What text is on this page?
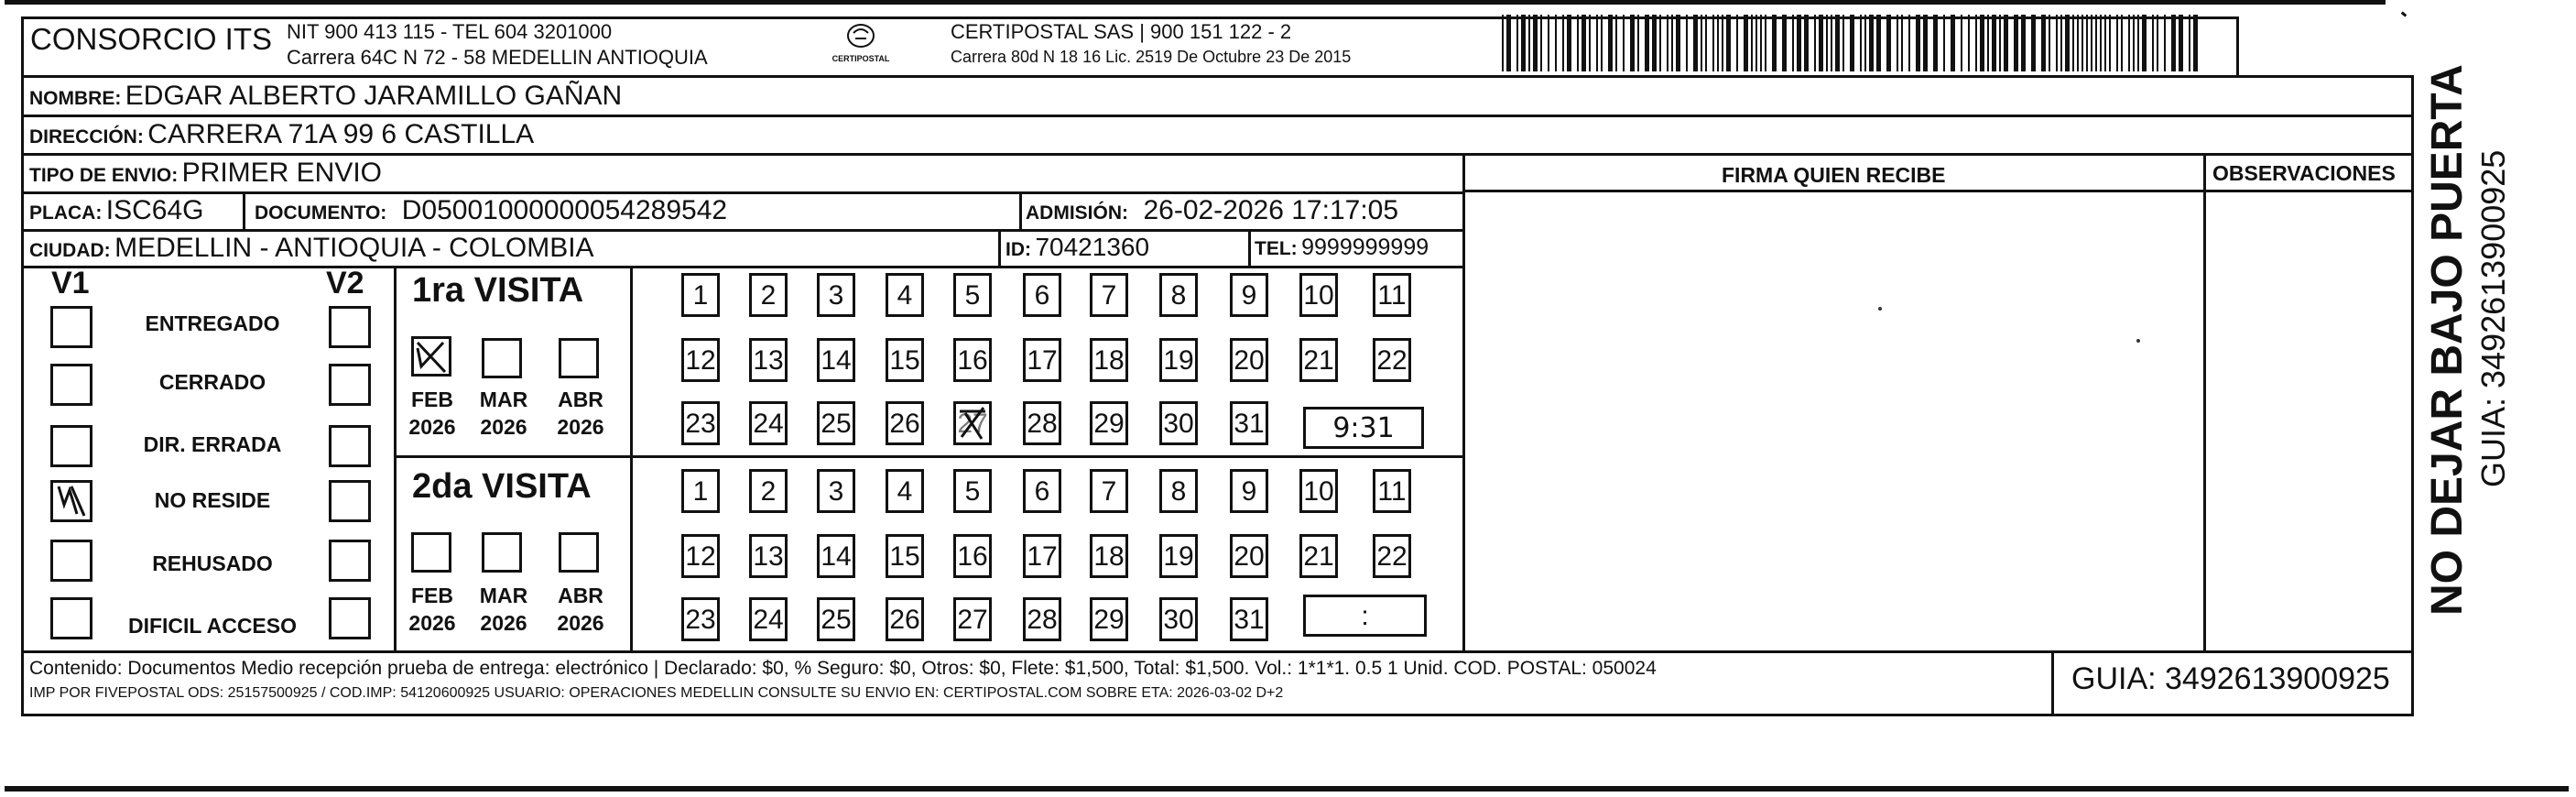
CONSORCIO ITS NIT 900 413 115 - TEL 604 3201000
Carrera 64C N 72 - 58 MEDELLIN ANTIOQUIA	CERTIPOSTAL
CERTIPOSTAL SAS | 900 151 122 - 2
Carrera 80d N 18 16 Lic. 2519 De Octubre 23 De 2015
NOMBRE: EDGAR ALBERTO JARAMILLO GAÑAN
DIRECCIÓN: CARRERA 71A 99 6 CASTILLA
TIPO DE ENVIO: PRIMER ENVIO	FIRMA QUIEN RECIBE	OBSERVACIONES
PLACA: ISC64G	DOCUMENTO: D05001000000054289542	ADMISIÓN: 26-02-2026 17:17:05
CIUDAD: MEDELLIN - ANTIOQUIA - COLOMBIA	ID: 70421360	TEL: 9999999999
V1	V2
ENTREGADO
CERRADO
DIR. ERRADA
NO RESIDE
REHUSADO
DIFICIL ACCESO
1ra VISITA
FEB	MAR ABR
2026 2026 2026
1	2	3	4	5	6	7	8	9	10 11
12 13 14 15 16 17 18 19 20 21 22
23 24 25 26 27 28 29 30 31	9:31
2da VISITA
FEB	MAR ABR
2026 2026 2026
1	2	3	4	5	6	7	8	9	10 11
12 13 14 15 16 17 18 19 20 21 22
23 24 25 26 27 28 29 30 31	:
Contenido: Documentos Medio recepción prueba de entrega: electrónico | Declarado: $0, % Seguro: $0, Otros: $0, Flete: $1,500, Total: $1,500. Vol.: 1*1*1. 0.5 1 Unid. COD. POSTAL: 050024
IMP POR FIVEPOSTAL ODS: 25157500925 / COD.IMP: 54120600925 USUARIO: OPERACIONES MEDELLIN CONSULTE SU ENVIO EN: CERTIPOSTAL.COM SOBRE ETA: 2026-03-02 D+2	GUIA: 3492613900925
NO DEJAR BAJO PUERTA GUIA: 3492613900925
